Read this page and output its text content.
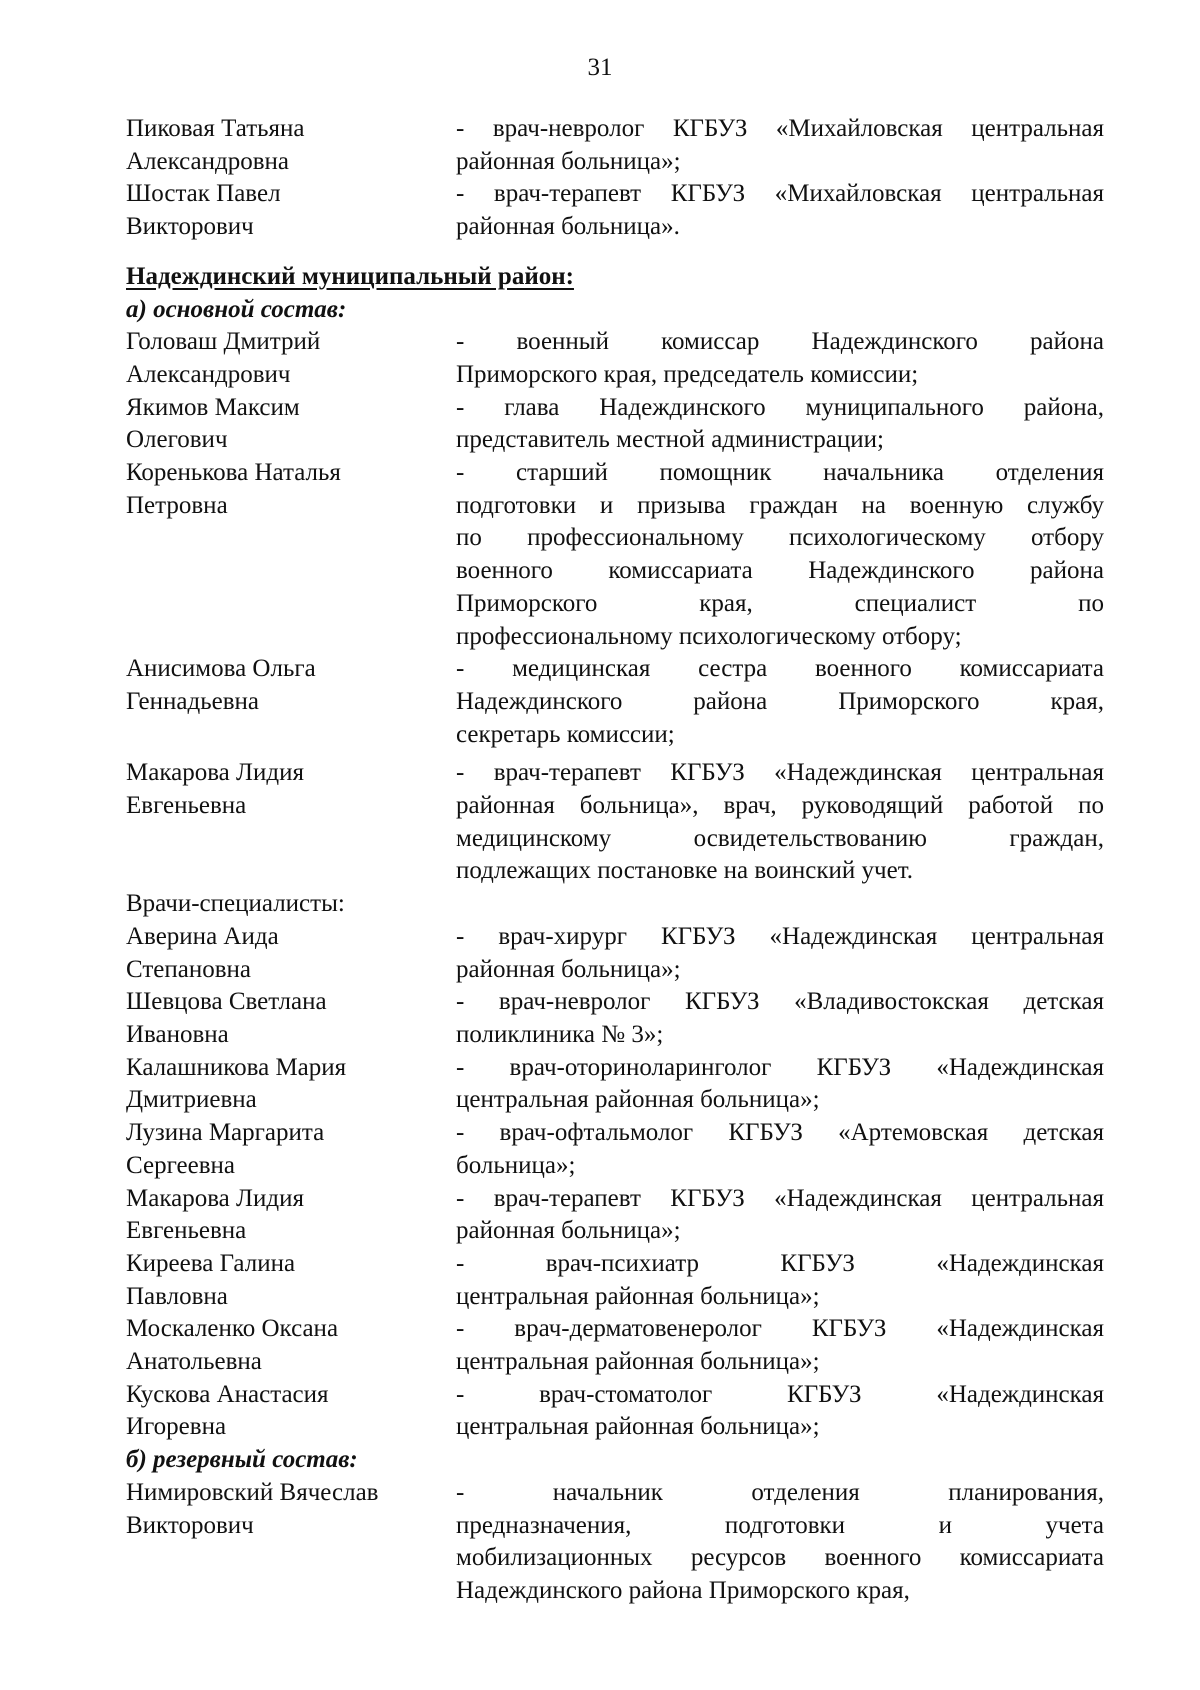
31
Пиковая Татьяна
Александровна
- врач-невролог КГБУЗ «Михайловская центральная
районная больница»;
Шостак Павел
Викторович
- врач-терапевт КГБУЗ «Михайловская центральная
районная больница».
Надеждинский муниципальный район:
а) основной состав:
Головаш Дмитрий
Александрович
- военный комиссар Надеждинского района
Приморского края, председатель комиссии;
Якимов Максим
Олегович
- глава Надеждинского муниципального района,
представитель местной администрации;
Коренькова Наталья
Петровна
- старший помощник начальника отделения
подготовки и призыва граждан на военную службу
по профессиональному психологическому отбору
военного комиссариата Надеждинского района
Приморского края, специалист по
профессиональному психологическому отбору;
Анисимова Ольга
Геннадьевна
- медицинская сестра военного комиссариата
Надеждинского района Приморского края,
секретарь комиссии;
Макарова Лидия
Евгеньевна
- врач-терапевт КГБУЗ «Надеждинская центральная
районная больница», врач, руководящий работой по
медицинскому освидетельствованию граждан,
подлежащих постановке на воинский учет.
Врачи-специалисты:
Аверина Аида
Степановна
- врач-хирург КГБУЗ «Надеждинская центральная
районная больница»;
Шевцова Светлана
Ивановна
- врач-невролог КГБУЗ «Владивостокская детская
поликлиника № 3»;
Калашникова Мария
Дмитриевна
- врач-оториноларинголог КГБУЗ «Надеждинская
центральная районная больница»;
Лузина Маргарита
Сергеевна
- врач-офтальмолог КГБУЗ «Артемовская детская
больница»;
Макарова Лидия
Евгеньевна
- врач-терапевт КГБУЗ «Надеждинская центральная
районная больница»;
Киреева Галина
Павловна
- врач-психиатр КГБУЗ «Надеждинская
центральная районная больница»;
Москаленко Оксана
Анатольевна
- врач-дерматовенеролог КГБУЗ «Надеждинская
центральная районная больница»;
Кускова Анастасия
Игоревна
- врач-стоматолог КГБУЗ «Надеждинская
центральная районная больница»;
б) резервный состав:
Нимировский Вячеслав
Викторович
- начальник отделения планирования,
предназначения, подготовки и учета
мобилизационных ресурсов военного комиссариата
Надеждинского района Приморского края,
